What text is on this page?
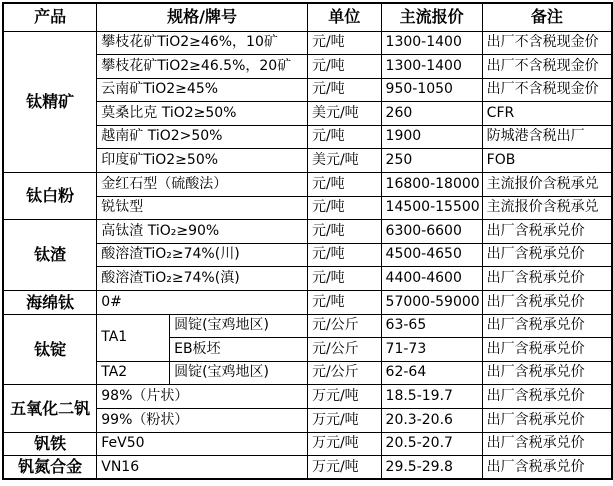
产品	规格/牌号		单位	主流报价	备注
钛精矿	攀枝花矿TiO2≥46%，10矿		元/吨	1300-1400	出厂不含税现金价
	攀枝花矿TiO2≥46.5%，20矿		元/吨	1300-1400	出厂不含税现金价
	云南矿TiO2≥45%		元/吨	950-1050	出厂不含税现金价
	莫桑比克 TiO2≥50%		美元/吨	260	CFR
	越南矿 TiO2>50%		元/吨	1900	防城港含税出厂
	印度矿TiO2≥50%		美元/吨	250	FOB
钛白粉	金红石型（硫酸法）		元/吨	16800-18000	主流报价含税承兑
	锐钛型		元/吨	14500-15500	主流报价含税承兑
钛渣	高钛渣 TiO₂≥90%		元/吨	6300-6600	出厂含税承兑价
	酸溶渣TiO₂≥74%(川)		元/吨	4500-4650	出厂含税承兑价
	酸溶渣TiO₂≥74%(滇)		元/吨	4400-4600	出厂含税承兑价
海绵钛	0#		元/吨	57000-59000	出厂含税承兑价
钛锭	TA1	圆锭(宝鸡地区)	元/公斤	63-65	出厂含税承兑价
		EB板坯	元/公斤	71-73	出厂含税承兑价
	TA2	圆锭(宝鸡地区)	元/公斤	62-64	出厂含税承兑价
五氧化二钒	98%（片状）		万元/吨	18.5-19.7	出厂含税承兑价
	99%（粉状）		万元/吨	20.3-20.6	出厂含税承兑价
钒铁	FeV50		万元/吨	20.5-20.7	出厂含税承兑价
钒氮合金	VN16		万元/吨	29.5-29.8	出厂含税承兑价
